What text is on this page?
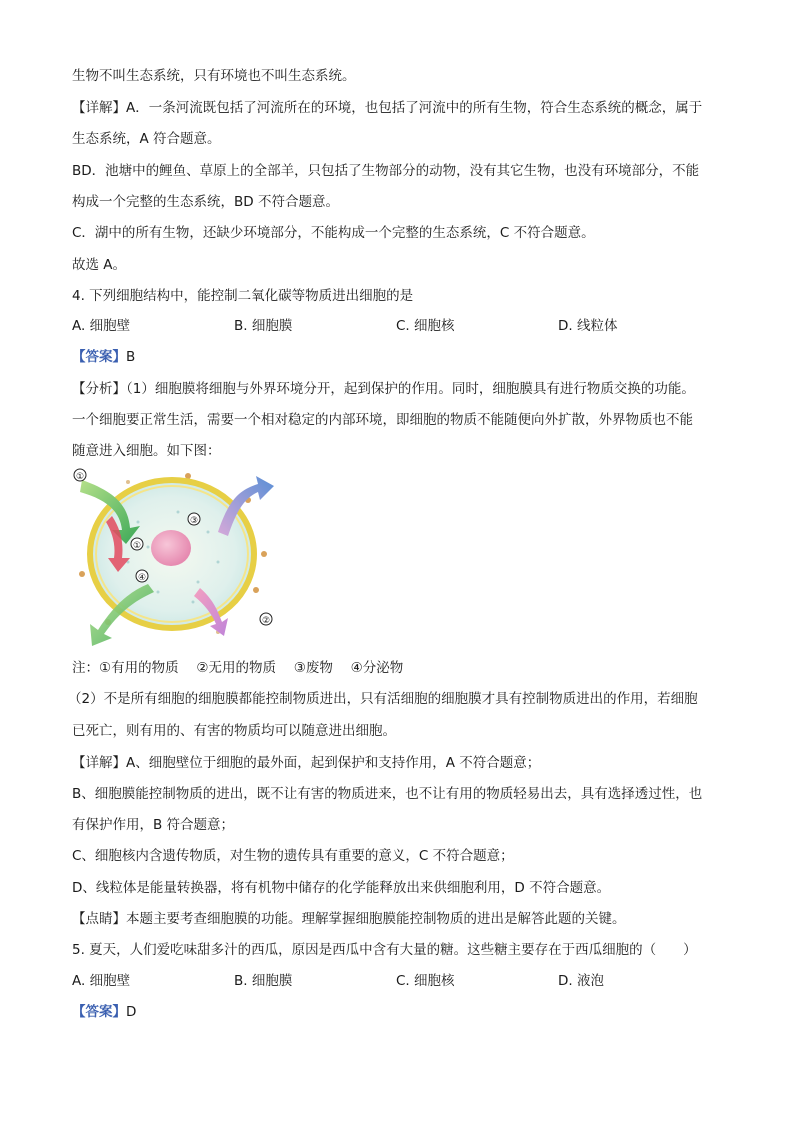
生物不叫生态系统，只有环境也不叫生态系统。
【详解】A．一条河流既包括了河流所在的环境，也包括了河流中的所有生物，符合生态系统的概念，属于
生态系统，A 符合题意。
BD．池塘中的鲤鱼、草原上的全部羊，只包括了生物部分的动物，没有其它生物，也没有环境部分，不能
构成一个完整的生态系统，BD 不符合题意。
C．湖中的所有生物，还缺少环境部分，不能构成一个完整的生态系统，C 不符合题意。
故选 A。
4. 下列细胞结构中，能控制二氧化碳等物质进出细胞的是
A. 细胞壁	B. 细胞膜	C. 细胞核	D. 线粒体
【答案】B
【分析】（1）细胞膜将细胞与外界环境分开，起到保护的作用。同时，细胞膜具有进行物质交换的功能。
一个细胞要正常生活，需要一个相对稳定的内部环境，即细胞的物质不能随便向外扩散，外界物质也不能
随意进入细胞。如下图：
①
③
①
④
②
注：①有用的物质　 ②无用的物质　 ③废物　 ④分泌物
（2）不是所有细胞的细胞膜都能控制物质进出，只有活细胞的细胞膜才具有控制物质进出的作用，若细胞
已死亡，则有用的、有害的物质均可以随意进出细胞。
【详解】A、细胞壁位于细胞的最外面，起到保护和支持作用，A 不符合题意；
B、细胞膜能控制物质的进出，既不让有害的物质进来，也不让有用的物质轻易出去，具有选择透过性，也
有保护作用，B 符合题意；
C、细胞核内含遗传物质，对生物的遗传具有重要的意义，C 不符合题意；
D、线粒体是能量转换器，将有机物中储存的化学能释放出来供细胞利用，D 不符合题意。
【点睛】本题主要考查细胞膜的功能。理解掌握细胞膜能控制物质的进出是解答此题的关键。
5. 夏天，人们爱吃味甜多汁的西瓜，原因是西瓜中含有大量的糖。这些糖主要存在于西瓜细胞的（　　）
A. 细胞壁	B. 细胞膜	C. 细胞核	D. 液泡
【答案】D
